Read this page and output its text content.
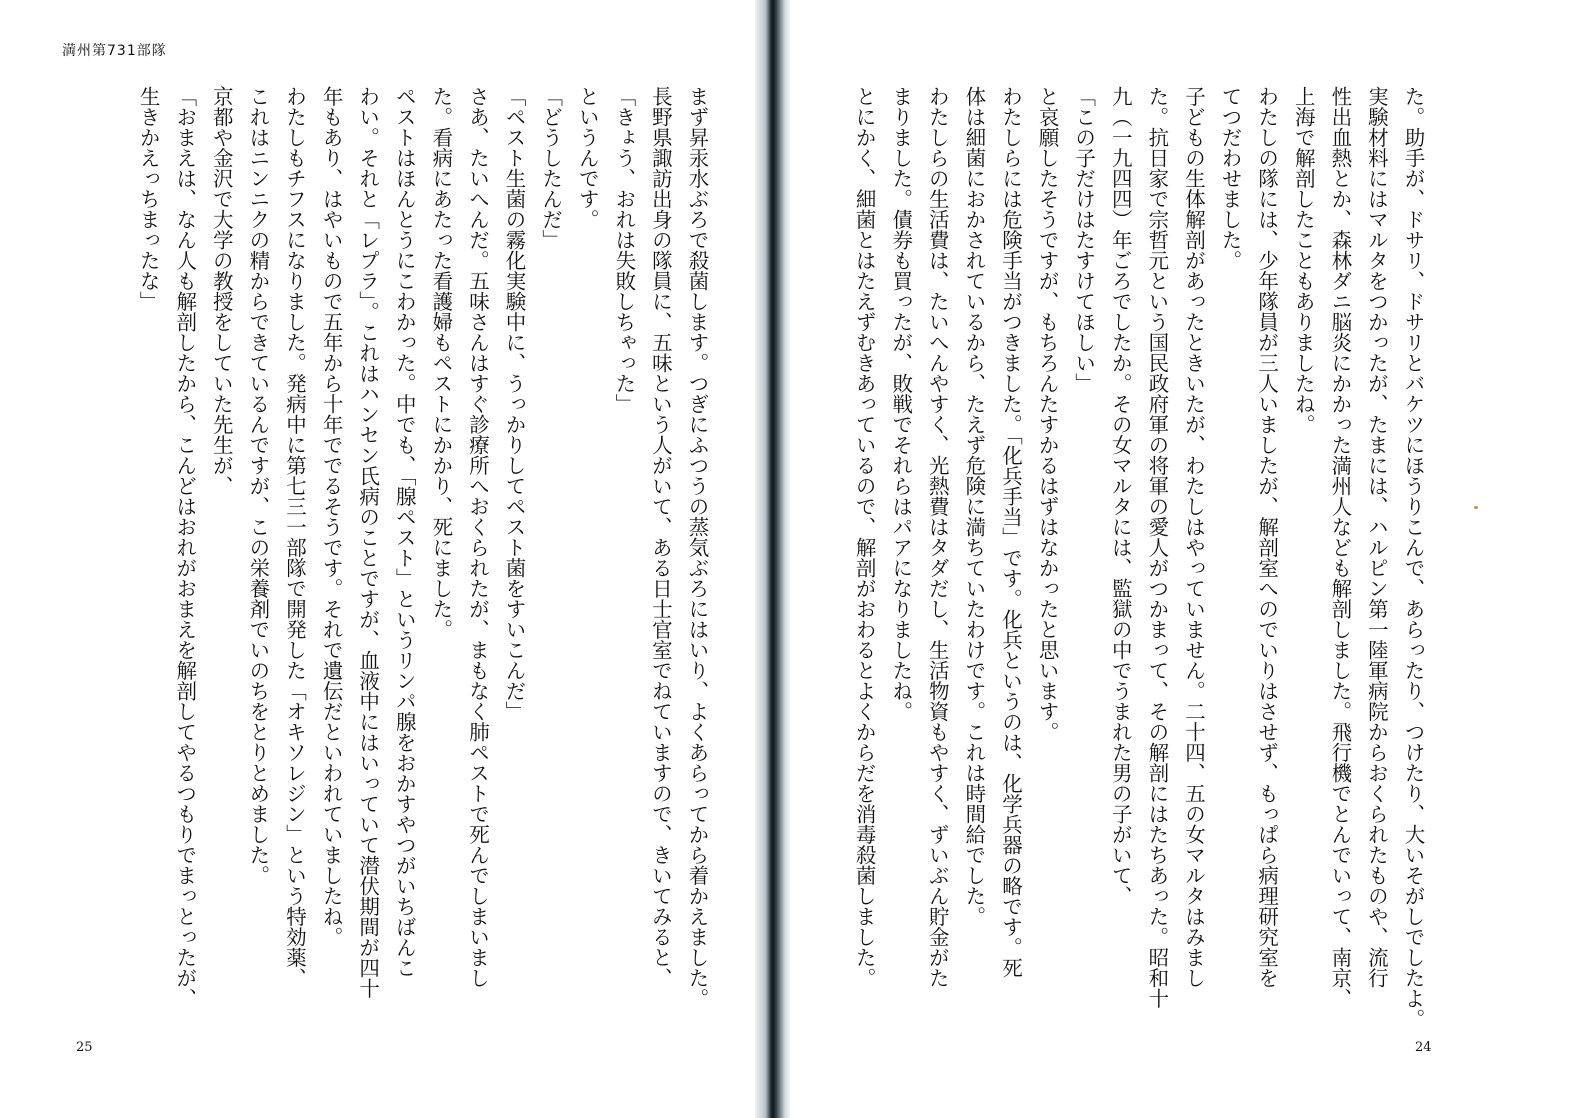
満州第731部隊
まず昇汞水ぶろで殺菌します。つぎにふつうの蒸気ぶろにはいり、よくあらってから着かえました。
長野県諏訪出身の隊員に、五味という人がいて、ある日士官室でねていますので、きいてみると、
「きょう、おれは失敗しちゃった」
というんです。
「どうしたんだ」
「ペスト生菌の霧化実験中に、うっかりしてペスト菌をすいこんだ」
さあ、たいへんだ。五味さんはすぐ診療所へおくられたが、まもなく肺ペストで死んでしまいまし
た。看病にあたった看護婦もペストにかかり、死にました。
ペストはほんとうにこわかった。中でも、「腺ペスト」というリンパ腺をおかすやつがいちばんこ
わい。それと「レプラ」。これはハンセン氏病のことですが、血液中にはいっていて潜伏期間が四十
年もあり、はやいもので五年から十年ででるそうです。それで遺伝だといわれていましたね。
わたしもチフスになりました。発病中に第七三一部隊で開発した「オキソレジン」という特効薬、
これはニンニクの精からできているんですが、この栄養剤でいのちをとりとめました。
京都や金沢で大学の教授をしていた先生が、
「おまえは、なん人も解剖したから、こんどはおれがおまえを解剖してやるつもりでまっとったが、
生きかえっちまったな」
25
た。助手が、ドサリ、ドサリとバケツにほうりこんで、あらったり、つけたり、大いそがしでしたよ。
実験材料にはマルタをつかったが、たまには、ハルピン第一陸軍病院からおくられたものや、流行
性出血熱とか、森林ダニ脳炎にかかった満州人なども解剖しました。飛行機でとんでいって、南京、
上海で解剖したこともありましたね。
わたしの隊には、少年隊員が三人いましたが、解剖室へのでいりはさせず、もっぱら病理研究室を
てつだわせました。
子どもの生体解剖があったときいたが、わたしはやっていません。二十四、五の女マルタはみまし
た。抗日家で宗哲元という国民政府軍の将軍の愛人がつかまって、その解剖にはたちあった。昭和十
九（一九四四）年ごろでしたか。その女マルタには、監獄の中でうまれた男の子がいて、
「この子だけはたすけてほしい」
と哀願したそうですが、もちろんたすかるはずはなかったと思います。
わたしらには危険手当がつきました。「化兵手当」です。化兵というのは、化学兵器の略です。死
体は細菌におかされているから、たえず危険に満ちていたわけです。これは時間給でした。
わたしらの生活費は、たいへんやすく、光熱費はタダだし、生活物資もやすく、ずいぶん貯金がた
まりました。債券も買ったが、敗戦でそれらはパアになりましたね。
とにかく、細菌とはたえずむきあっているので、解剖がおわるとよくからだを消毒殺菌しました。
24
